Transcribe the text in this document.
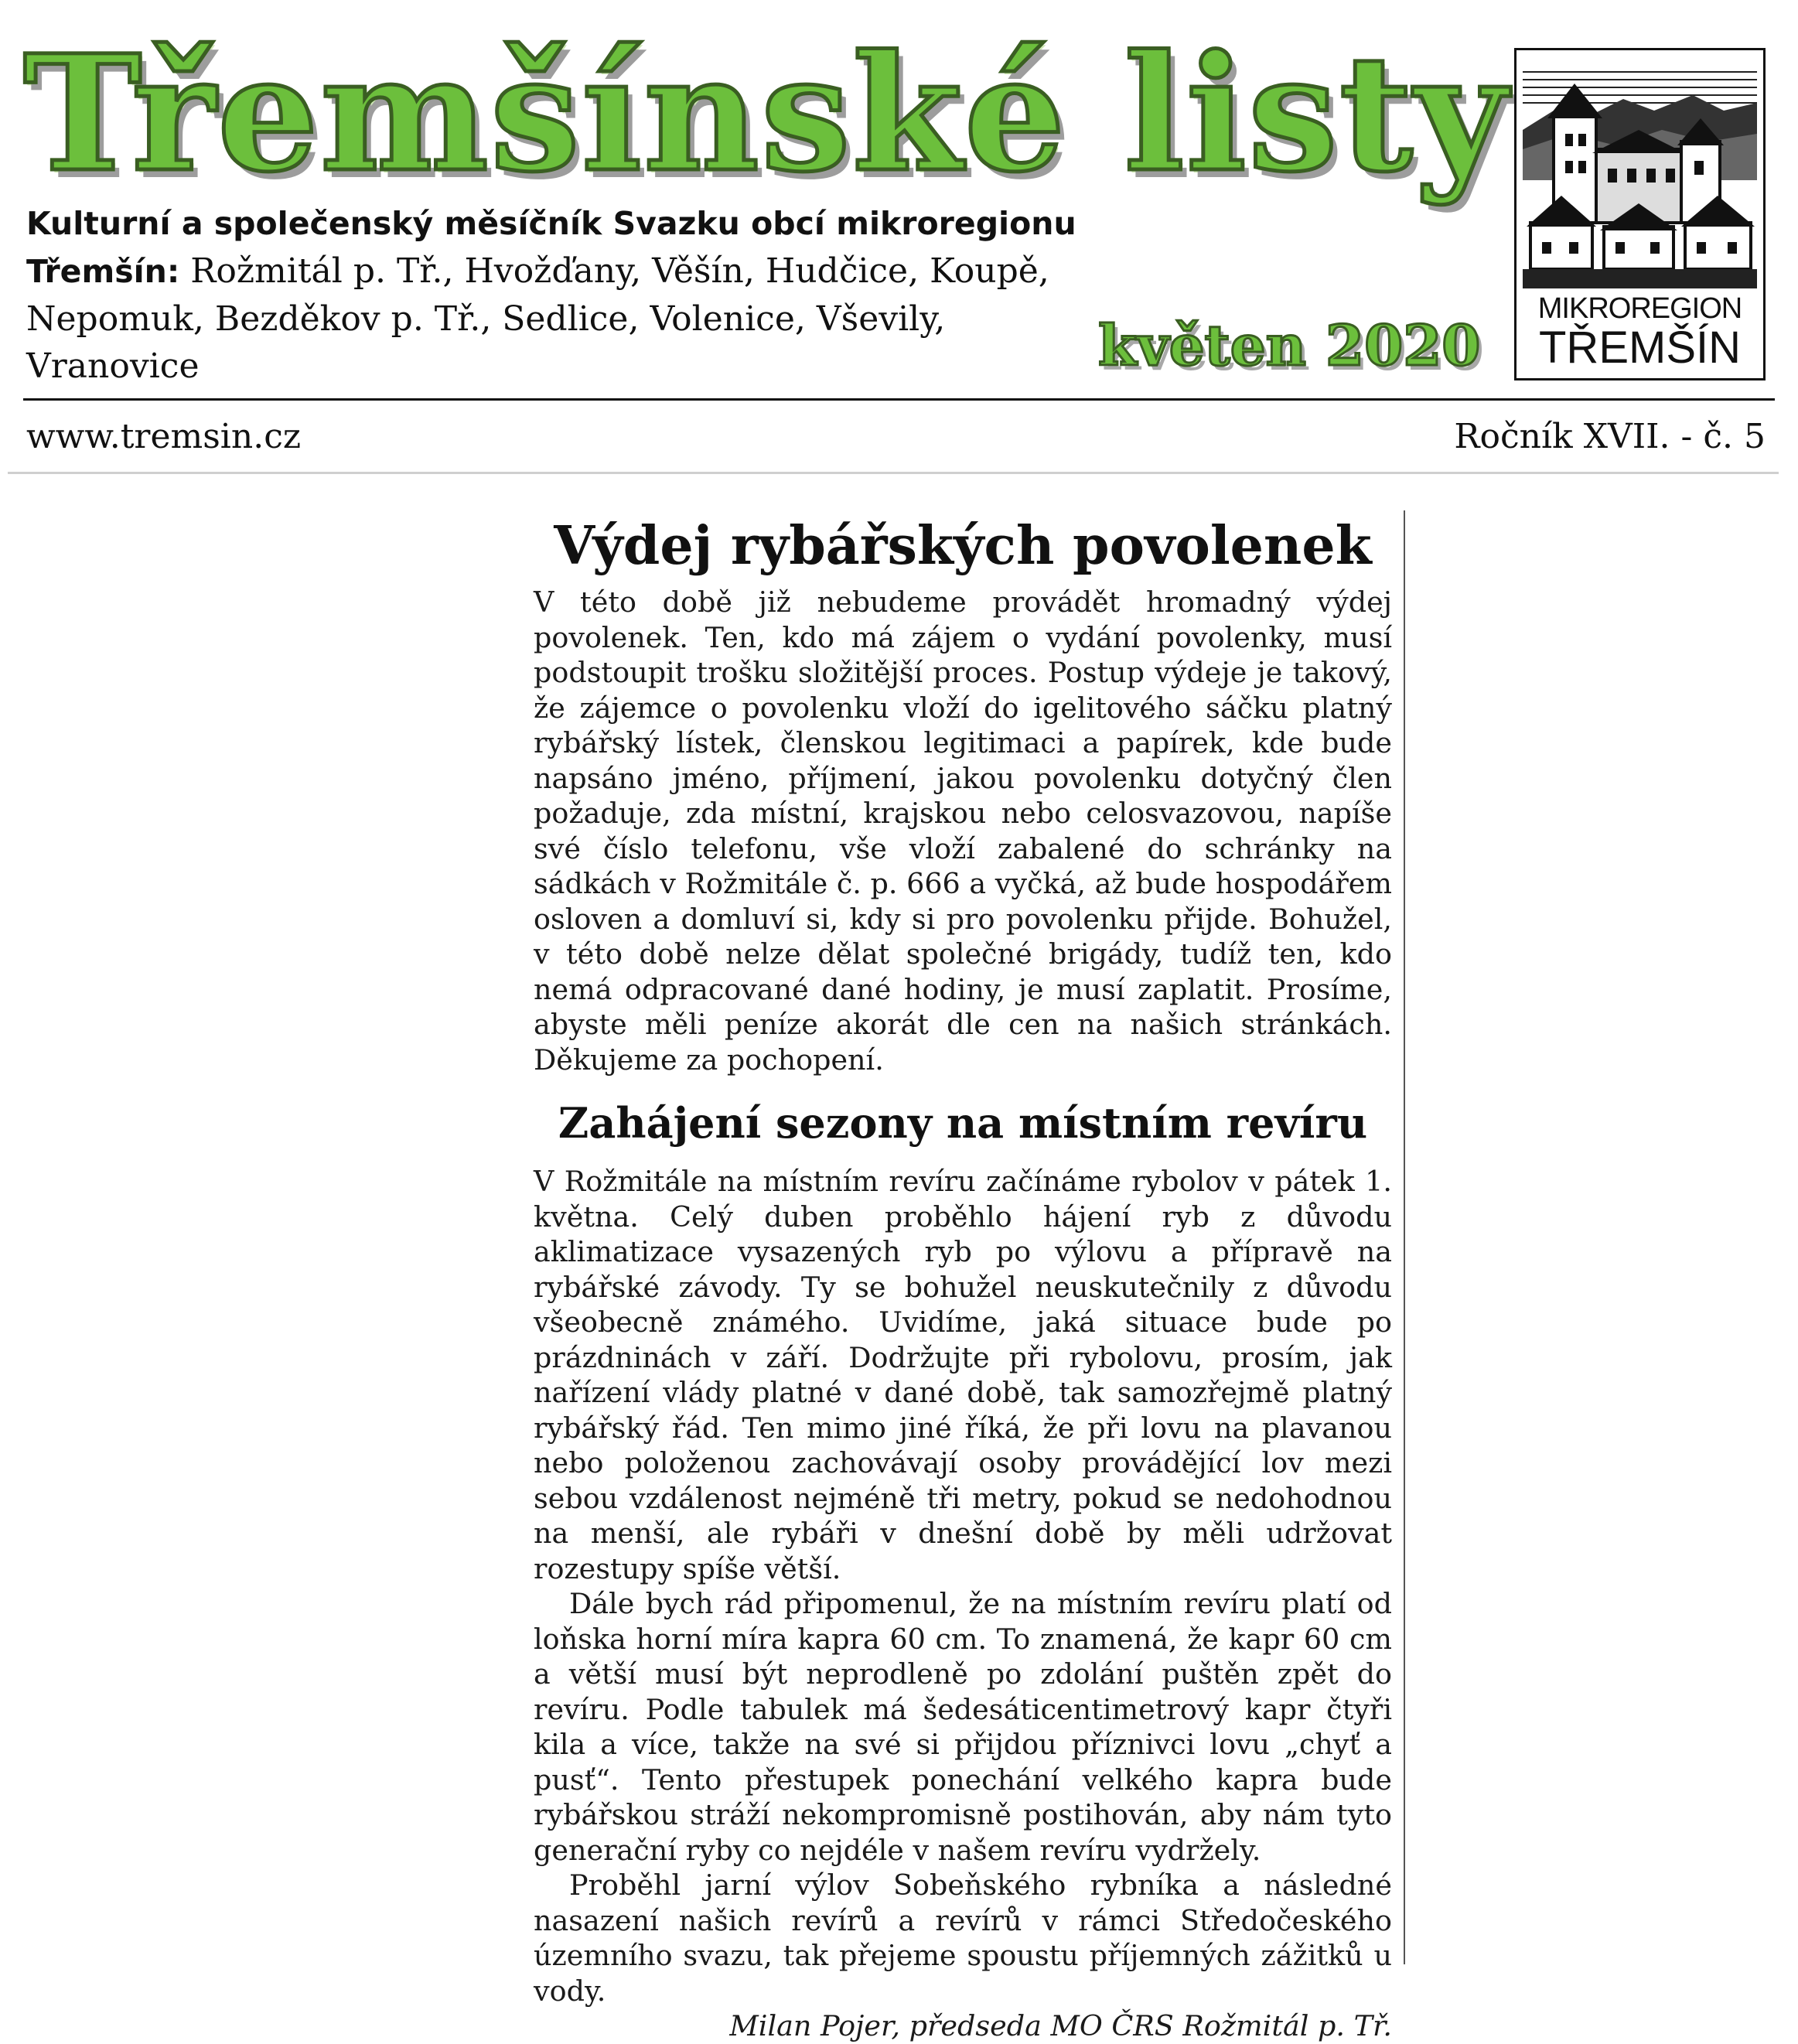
Třemšínské listy
Kulturní a společenský měsíčník Svazku obcí mikroregionu Třemšín: Rožmitál p. Tř., Hvožďany, Věšín, Hudčice, Koupě, Nepomuk, Bezděkov p. Tř., Sedlice, Volenice, Vševily, Vranovice	květen 2020
MIKROREGION
TŘEMŠÍN
www.tremsin.cz	Ročník XVII. - č. 5
Výdej rybářských povolenek

V této době již nebudeme provádět hromadný výdej povolenek. Ten, kdo má zájem o vydání povolenky, musí podstoupit trošku složitější proces. Postup výdeje je takový, že zájemce o povolenku vloží do igelitového sáčku platný rybářský lístek, členskou legitimaci a papírek, kde bude napsáno jméno, příjmení, jakou povolenku dotyčný člen požaduje, zda místní, krajskou nebo celosvazovou, napíše své číslo telefonu, vše vloží zabalené do schránky na sádkách v Rožmitále č. p. 666 a vyčká, až bude hospodářem osloven a domluví si, kdy si pro povolenku přijde. Bohužel, v této době nelze dělat společné brigády, tudíž ten, kdo nemá odpracované dané hodiny, je musí zaplatit. Prosíme, abyste měli peníze akorát dle cen na našich stránkách. Děkujeme za pochopení.

Zahájení sezony na místním revíru

V Rožmitále na místním revíru začínáme rybolov v pátek 1. května. Celý duben proběhlo hájení ryb z důvodu aklimatizace vysazených ryb po výlovu a přípravě na rybářské závody. Ty se bohužel neuskutečnily z důvodu všeobecně známého. Uvidíme, jaká situace bude po prázdninách v září. Dodržujte při rybolovu, prosím, jak nařízení vlády platné v dané době, tak samozřejmě platný rybářský řád. Ten mimo jiné říká, že při lovu na plavanou nebo položenou zachovávají osoby provádějící lov mezi sebou vzdálenost nejméně tři metry, pokud se nedohodnou na menší, ale rybáři v dnešní době by měli udržovat rozestupy spíše větší.

Dále bych rád připomenul, že na místním revíru platí od loňska horní míra kapra 60 cm. To znamená, že kapr 60 cm a větší musí být neprodleně po zdolání puštěn zpět do revíru. Podle tabulek má šedesáticentimetrový kapr čtyři kila a více, takže na své si přijdou příznivci lovu „chyť a pusť“. Tento přestupek ponechání velkého kapra bude rybářskou stráží nekompromisně postihován, aby nám tyto generační ryby co nejdéle v našem revíru vydržely.

Proběhl jarní výlov Sobeňského rybníka a následné nasazení našich revírů a revírů v rámci Středočeského územního svazu, tak přejeme spoustu příjemných zážitků u vody.

Milan Pojer, předseda MO ČRS Rožmitál p. Tř.
